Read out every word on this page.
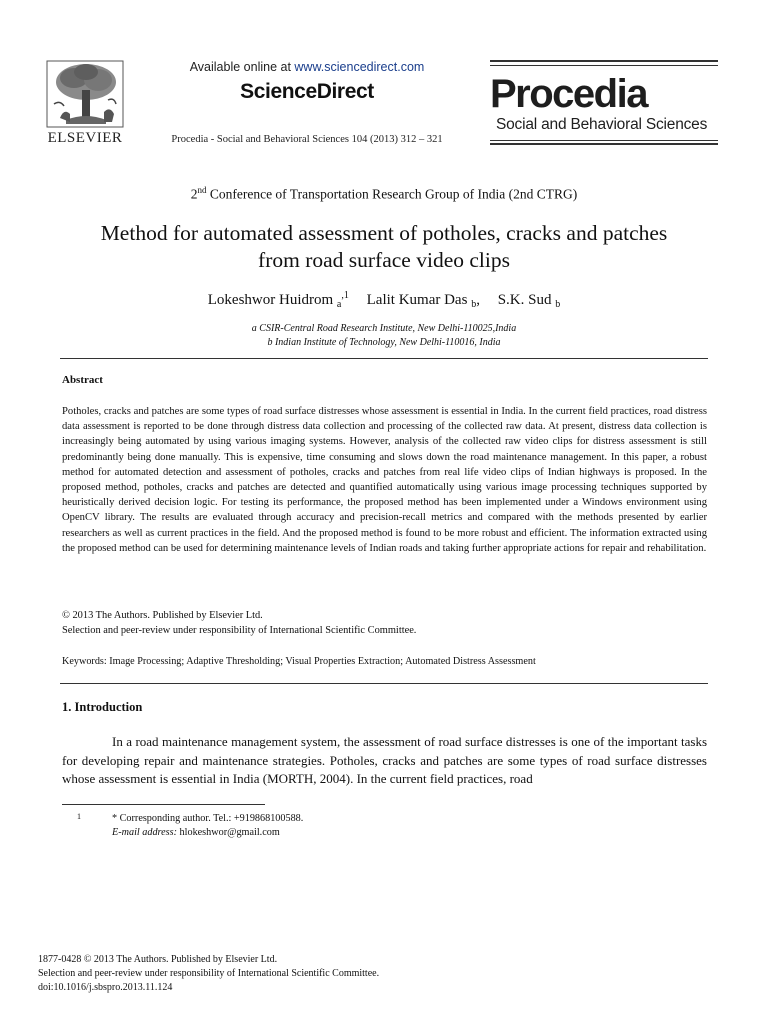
ELSEVIER
Available online at www.sciencedirect.com
ScienceDirect
Procedia - Social and Behavioral Sciences 104 (2013) 312 – 321
Procedia
Social and Behavioral Sciences
2nd Conference of Transportation Research Group of India (2nd CTRG)
Method for automated assessment of potholes, cracks and patches
from road surface video clips
Lokeshwor Huidrom $_a^{,1}$ Lalit Kumar Das $_b$, S.K. Sud $_b$
a CSIR-Central Road Research Institute, New Delhi-110025,India
b Indian Institute of Technology, New Delhi-110016, India
Abstract
Potholes, cracks and patches are some types of road surface distresses whose assessment is essential in India. In the current field practices, road distress data assessment is reported to be done through distress data collection and processing of the collected raw data. At present, distress data collection is increasingly being automated by using various imaging systems. However, analysis of the collected raw video clips for distress assessment is still predominantly being done manually. This is expensive, time consuming and slows down the road maintenance management. In this paper, a robust method for automated detection and assessment of potholes, cracks and patches from real life video clips of Indian highways is proposed. In the proposed method, potholes, cracks and patches are detected and quantified automatically using various image processing techniques supported by heuristically derived decision logic. For testing its performance, the proposed method has been implemented under a Windows environment using OpenCV library. The results are evaluated through accuracy and precision-recall metrics and compared with the methods presented by earlier researchers as well as current practices in the field. And the proposed method is found to be more robust and efficient. The information extracted using the proposed method can be used for determining maintenance levels of Indian roads and taking further appropriate actions for repair and rehabilitation.
© 2013 The Authors. Published by Elsevier Ltd.
Selection and peer-review under responsibility of International Scientific Committee.
Keywords: Image Processing; Adaptive Thresholding; Visual Properties Extraction; Automated Distress Assessment
1. Introduction
In a road maintenance management system, the assessment of road surface distresses is one of the important tasks for developing repair and maintenance strategies. Potholes, cracks and patches are some types of road surface distresses whose assessment is essential in India (MORTH, 2004). In the current field practices, road
1	* Corresponding author. Tel.: +919868100588.
E-mail address: hlokeshwor@gmail.com
1877-0428 © 2013 The Authors. Published by Elsevier Ltd.
Selection and peer-review under responsibility of International Scientific Committee.
doi:10.1016/j.sbspro.2013.11.124
